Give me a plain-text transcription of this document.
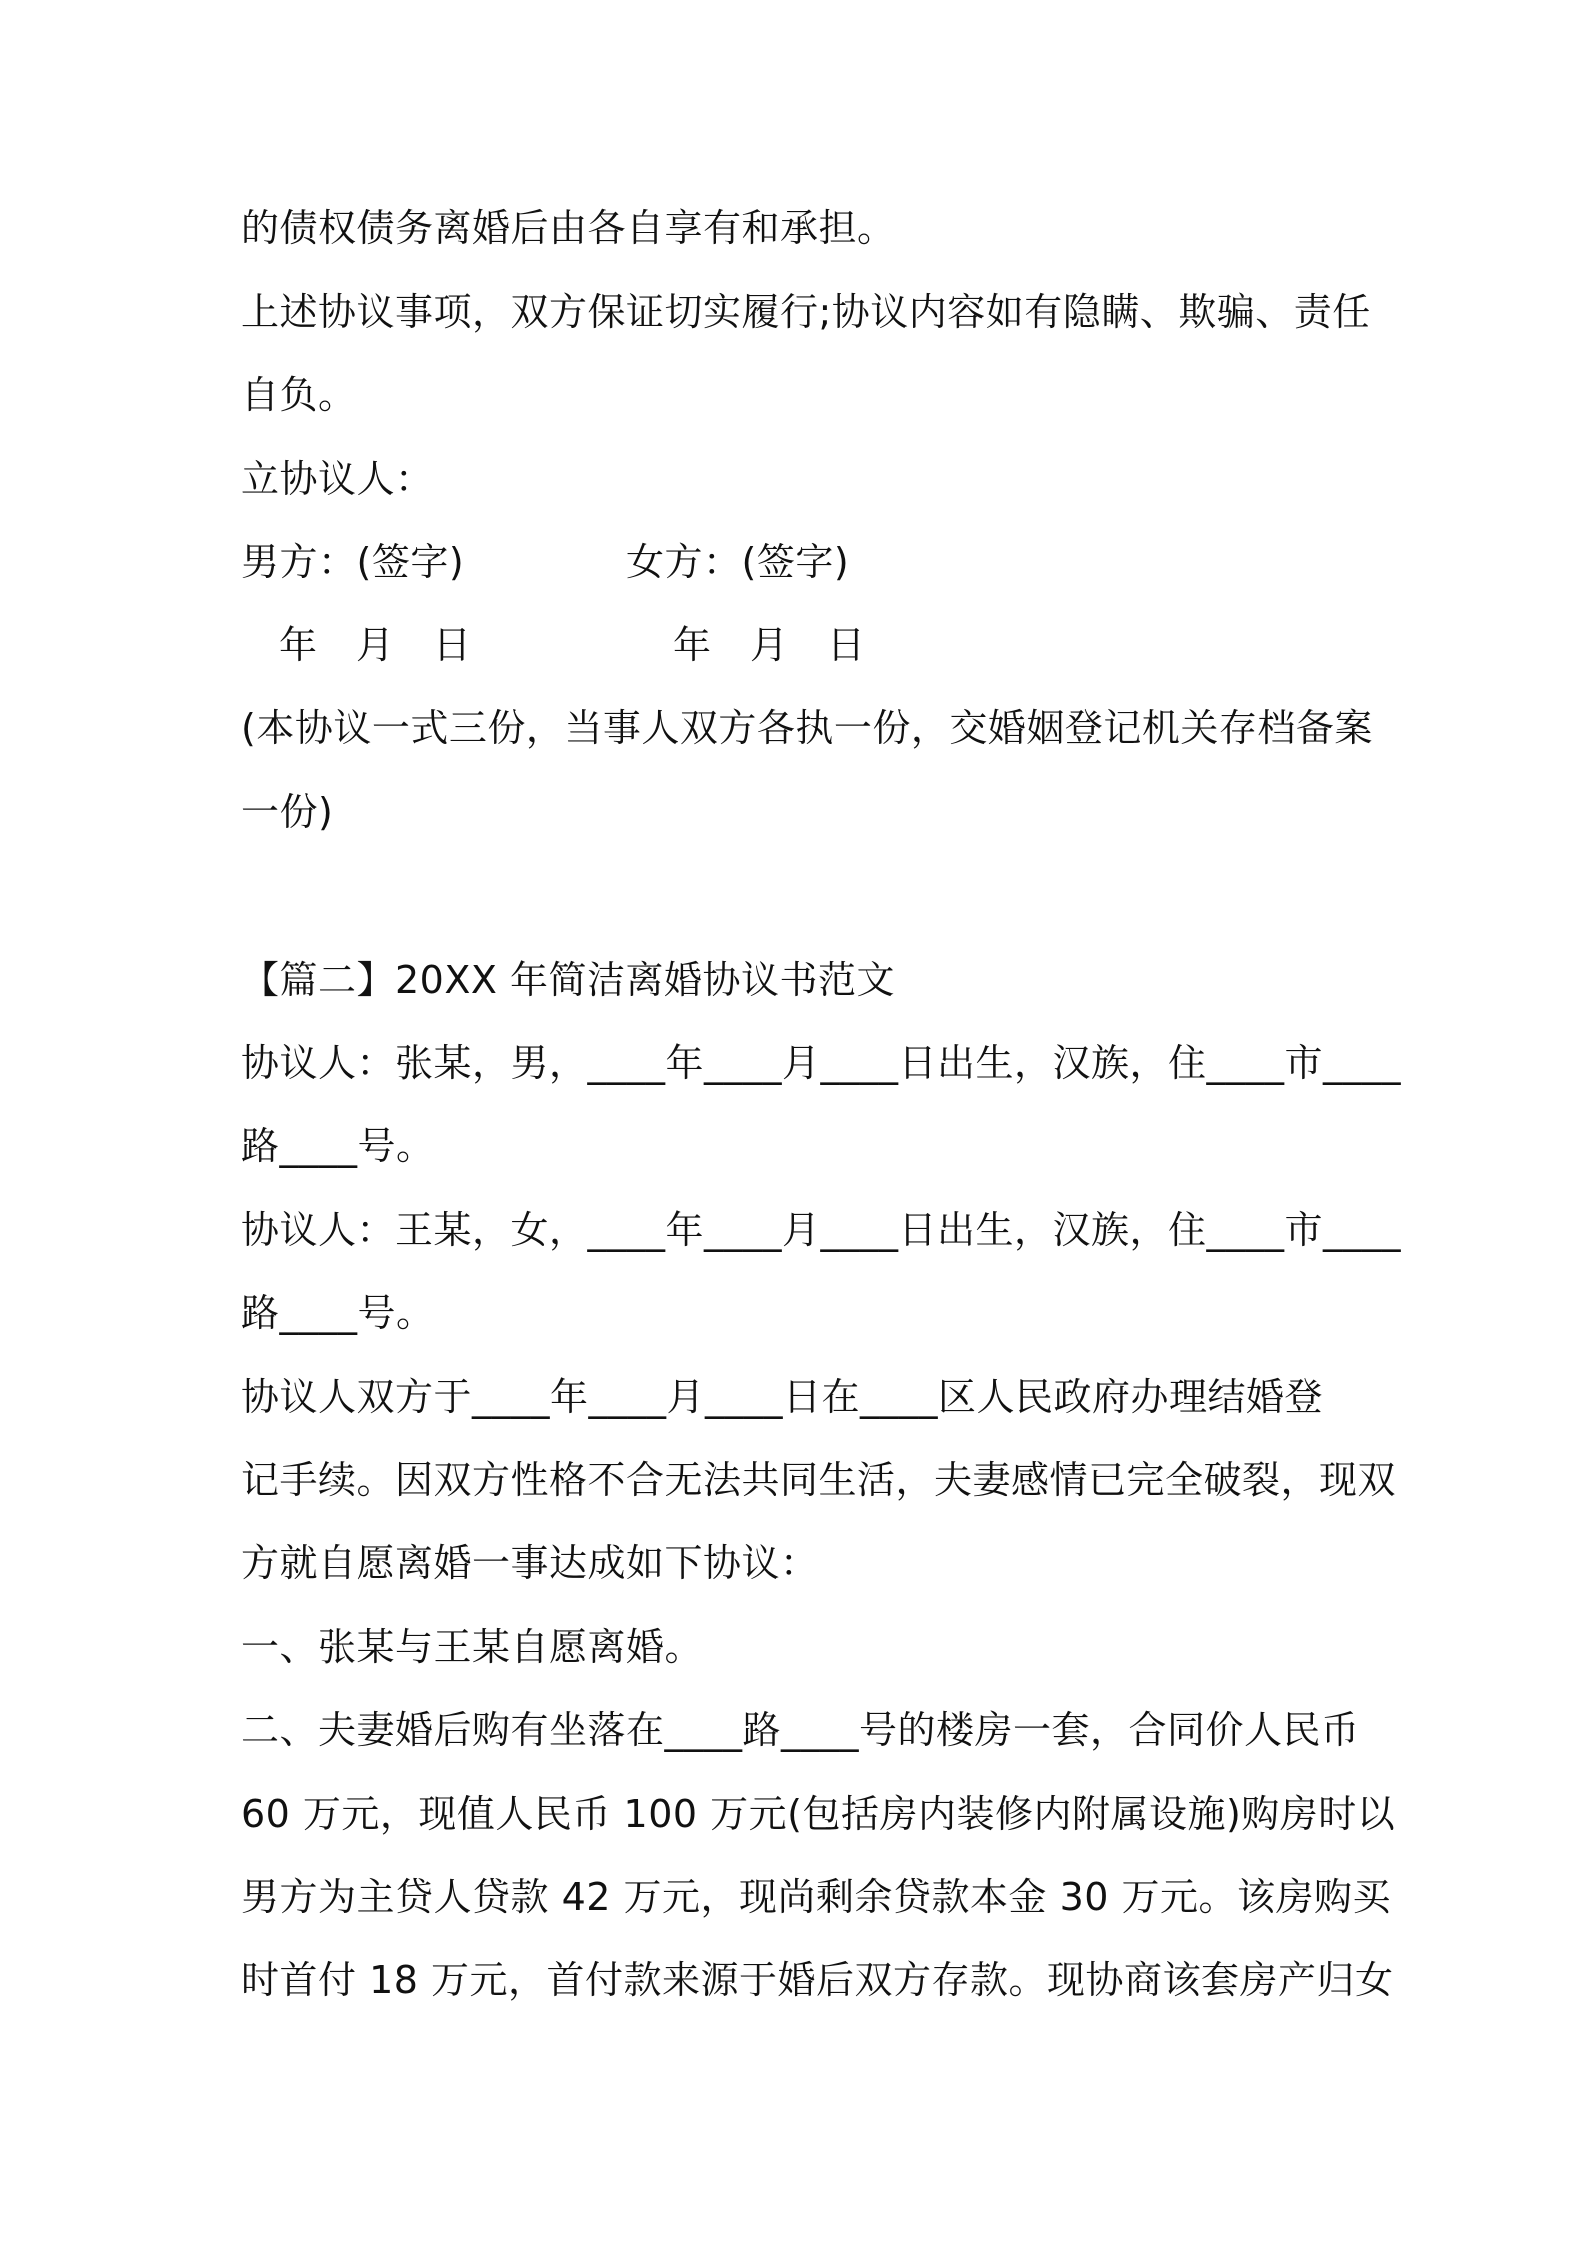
的债权债务离婚后由各自享有和承担。
上述协议事项，双方保证切实履行;协议内容如有隐瞒、欺骗、责任
自负。
立协议人：
男方：(签字)	女方：(签字)
年　月　日	年　月　日
(本协议一式三份，当事人双方各执一份，交婚姻登记机关存档备案
一份)
【篇二】20XX 年简洁离婚协议书范文
协议人：张某，男，____年____月____日出生，汉族，住____市____
路____号。
协议人：王某，女，____年____月____日出生，汉族，住____市____
路____号。
协议人双方于____年____月____日在____区人民政府办理结婚登
记手续。因双方性格不合无法共同生活，夫妻感情已完全破裂，现双
方就自愿离婚一事达成如下协议：
一、张某与王某自愿离婚。
二、夫妻婚后购有坐落在____路____号的楼房一套，合同价人民币
60 万元，现值人民币 100 万元(包括房内装修内附属设施)购房时以
男方为主贷人贷款 42 万元，现尚剩余贷款本金 30 万元。该房购买
时首付 18 万元，首付款来源于婚后双方存款。现协商该套房产归女
